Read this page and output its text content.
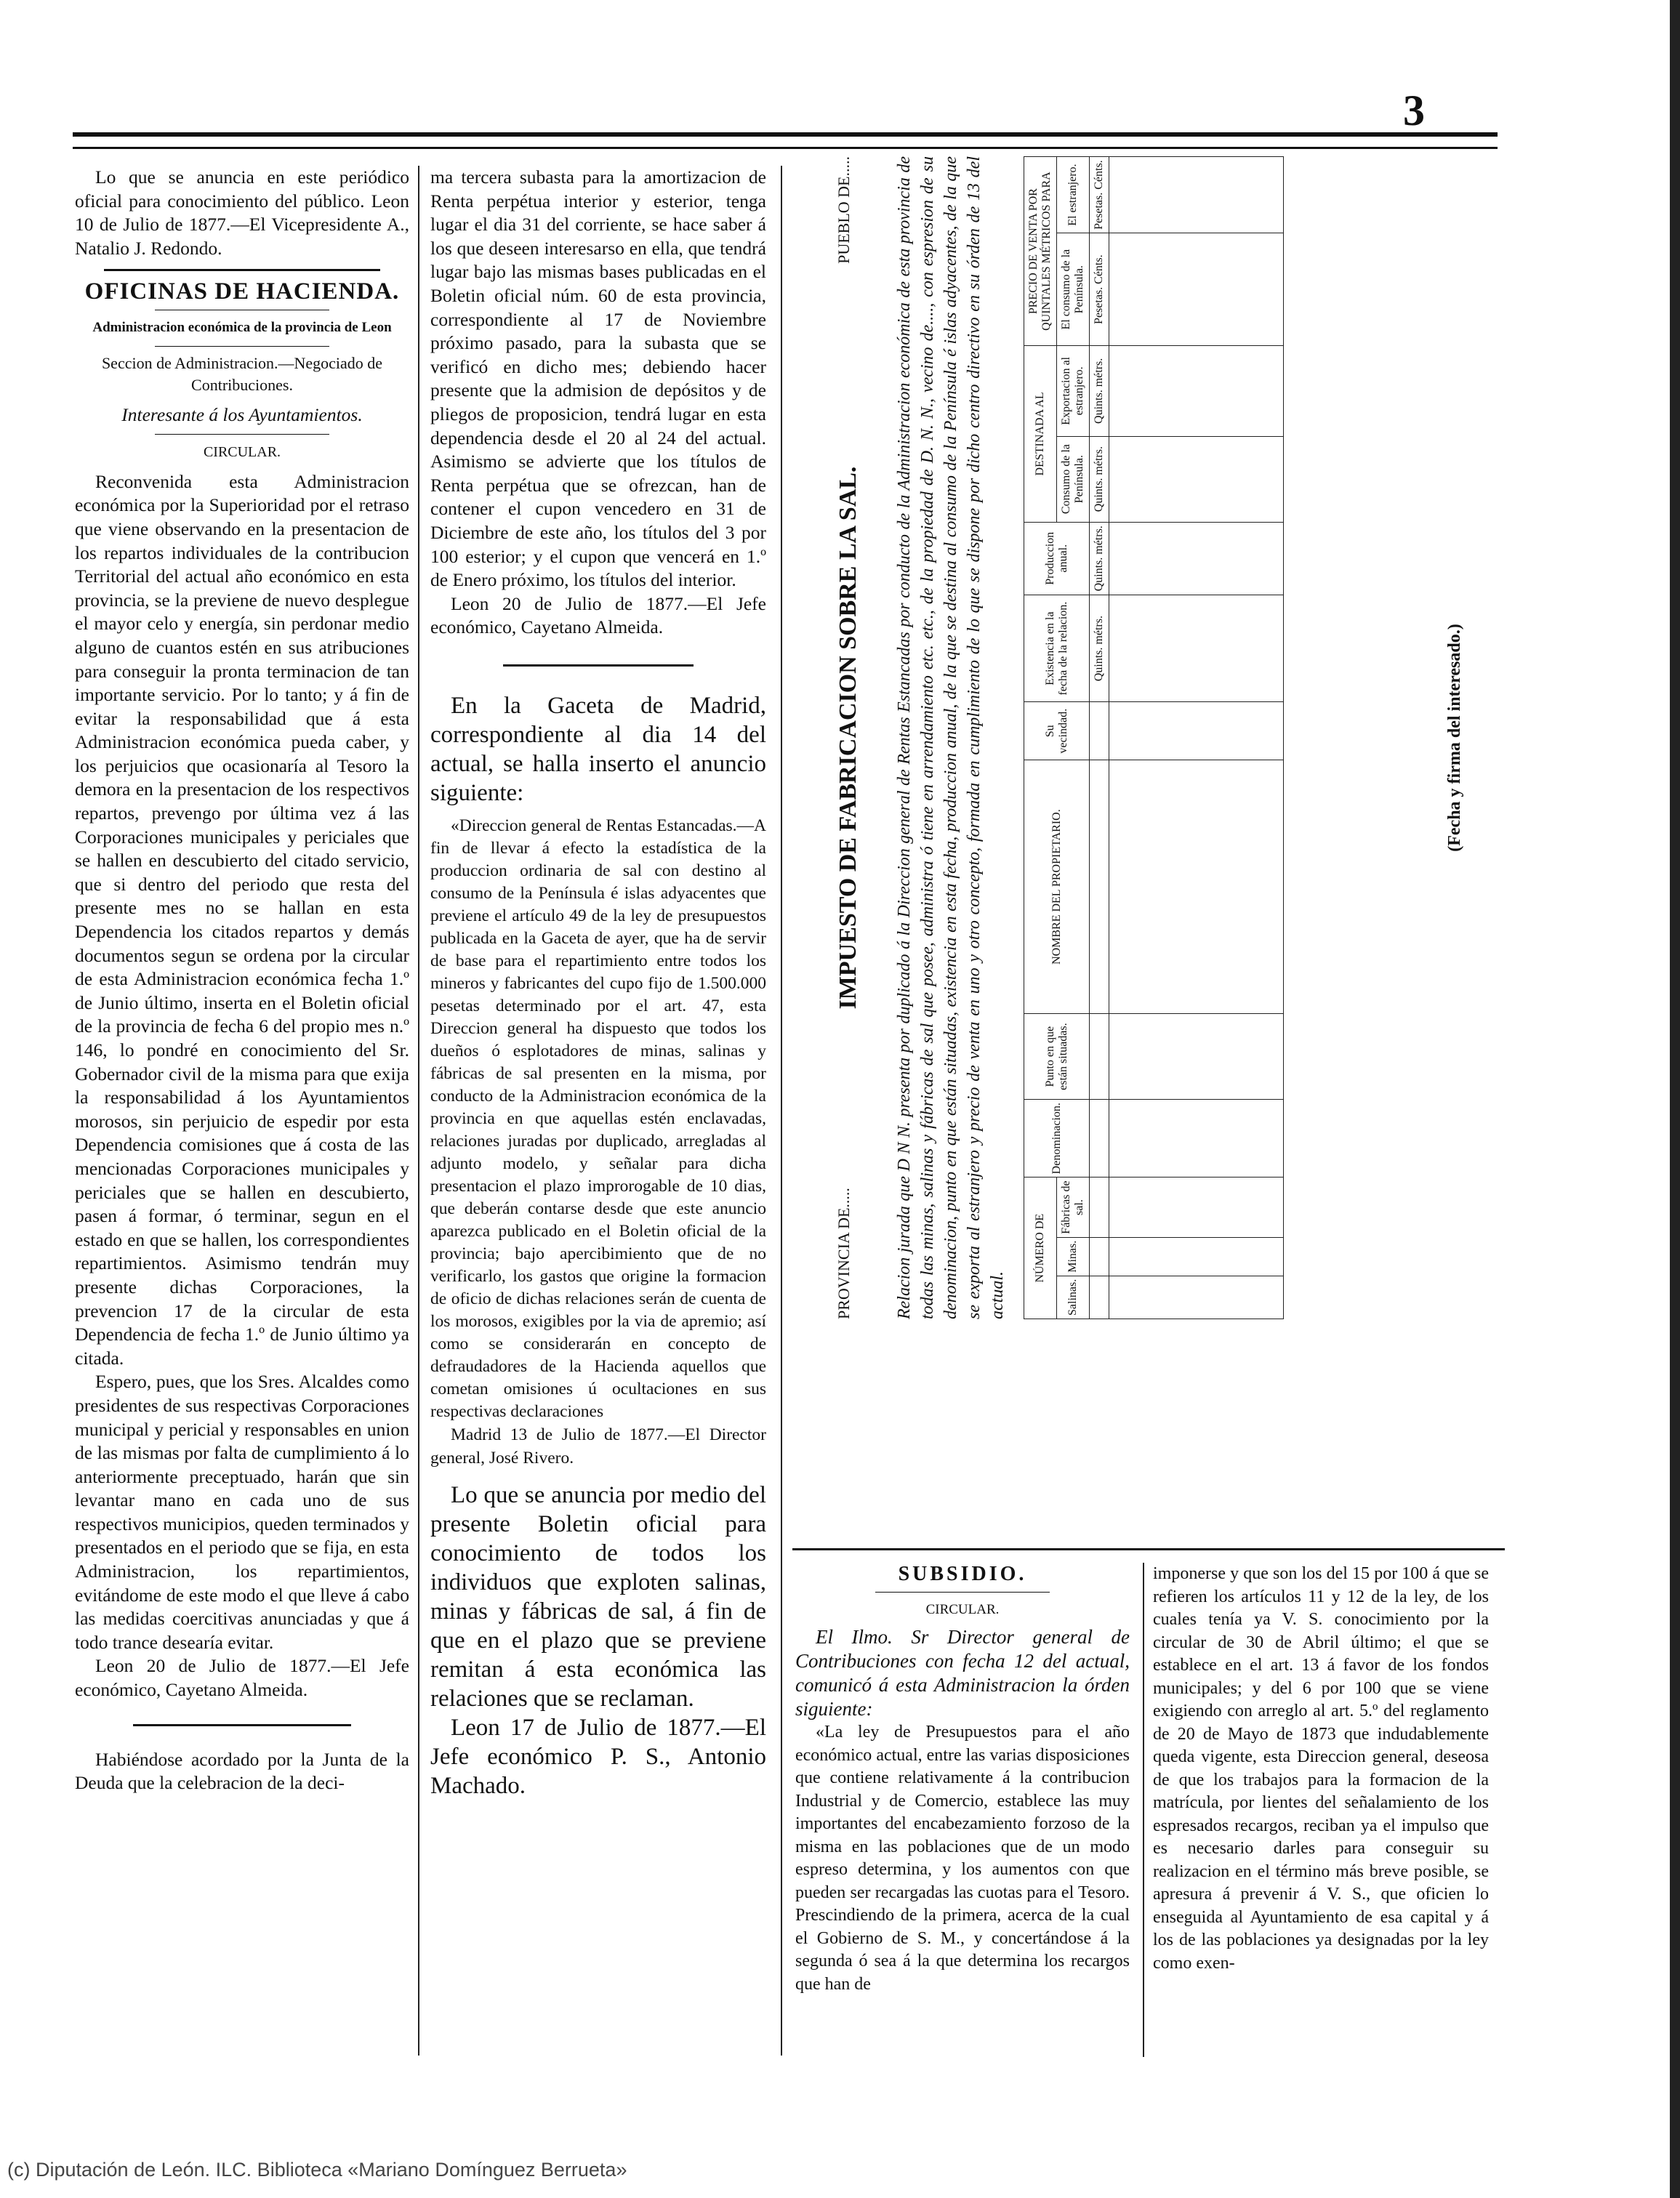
3

Lo que se anuncia en este periódico oficial para conocimiento del público. Leon 10 de Julio de 1877.—El Vicepresidente A., Natalio J. Redondo.

OFICINAS DE HACIENDA.
Administracion económica de la provincia de Leon
Seccion de Administracion.—Negociado de Contribuciones.
Interesante á los Ayuntamientos.
CIRCULAR.

Reconvenida esta Administracion económica por la Superioridad por el retraso que viene observando en la presentacion de los repartos individuales de la contribucion Territorial del actual año económico en esta provincia, se la previene de nuevo desplegue el mayor celo y energía, sin perdonar medio alguno de cuantos estén en sus atribuciones para conseguir la pronta terminacion de tan importante servicio. Por lo tanto; y á fin de evitar la responsabilidad que á esta Administracion económica pueda caber, y los perjuicios que ocasionaría al Tesoro la demora en la presentacion de los respectivos repartos, prevengo por última vez á las Corporaciones municipales y periciales que se hallen en descubierto del citado servicio, que si dentro del periodo que resta del presente mes no se hallan en esta Dependencia los citados repartos y demás documentos segun se ordena por la circular de esta Administracion económica fecha 1.º de Junio último, inserta en el Boletin oficial de la provincia de fecha 6 del propio mes n.º 146, lo pondré en conocimiento del Sr. Gobernador civil de la misma para que exija la responsabilidad á los Ayuntamientos morosos, sin perjuicio de espedir por esta Dependencia comisiones que á costa de las mencionadas Corporaciones municipales y periciales que se hallen en descubierto, pasen á formar, ó terminar, segun en el estado en que se hallen, los correspondientes repartimientos. Asimismo tendrán muy presente dichas Corporaciones, la prevencion 17 de la circular de esta Dependencia de fecha 1.º de Junio último ya citada.

Espero, pues, que los Sres. Alcaldes como presidentes de sus respectivas Corporaciones municipal y pericial y responsables en union de las mismas por falta de cumplimiento á lo anteriormente preceptuado, harán que sin levantar mano en cada uno de sus respectivos municipios, queden terminados y presentados en el periodo que se fija, en esta Administracion, los repartimientos, evitándome de este modo el que lleve á cabo las medidas coercitivas anunciadas y que á todo trance desearía evitar.

Leon 20 de Julio de 1877.—El Jefe económico, Cayetano Almeida.

Habiéndose acordado por la Junta de la Deuda que la celebracion de la deci-

ma tercera subasta para la amortizacion de Renta perpétua interior y esterior, tenga lugar el dia 31 del corriente, se hace saber á los que deseen interesarso en ella, que tendrá lugar bajo las mismas bases publicadas en el Boletin oficial núm. 60 de esta provincia, correspondiente al 17 de Noviembre próximo pasado, para la subasta que se verificó en dicho mes; debiendo hacer presente que la admision de depósitos y de pliegos de proposicion, tendrá lugar en esta dependencia desde el 20 al 24 del actual. Asimismo se advierte que los títulos de Renta perpétua que se ofrezcan, han de contener el cupon vencedero en 31 de Diciembre de este año, los títulos del 3 por 100 esterior; y el cupon que vencerá en 1.º de Enero próximo, los títulos del interior.

Leon 20 de Julio de 1877.—El Jefe económico, Cayetano Almeida.

En la Gaceta de Madrid, correspondiente al dia 14 del actual, se halla inserto el anuncio siguiente:

«Direccion general de Rentas Estancadas.—A fin de llevar á efecto la estadística de la produccion ordinaria de sal con destino al consumo de la Península é islas adyacentes que previene el artículo 49 de la ley de presupuestos publicada en la Gaceta de ayer, que ha de servir de base para el repartimiento entre todos los mineros y fabricantes del cupo fijo de 1.500.000 pesetas determinado por el art. 47, esta Direccion general ha dispuesto que todos los dueños ó esplotadores de minas, salinas y fábricas de sal presenten en la misma, por conducto de la Administracion económica de la provincia en que aquellas estén enclavadas, relaciones juradas por duplicado, arregladas al adjunto modelo, y señalar para dicha presentacion el plazo improrogable de 10 dias, que deberán contarse desde que este anuncio aparezca publicado en el Boletin oficial de la provincia; bajo apercibimiento que de no verificarlo, los gastos que origine la formacion de oficio de dichas relaciones serán de cuenta de los morosos, exigibles por la via de apremio; así como se considerarán en concepto de defraudadores de la Hacienda aquellos que cometan omisiones ú ocultaciones en sus respectivas declaraciones

Madrid 13 de Julio de 1877.—El Director general, José Rivero.

Lo que se anuncia por medio del presente Boletin oficial para conocimiento de todos los individuos que exploten salinas, minas y fábricas de sal, á fin de que en el plazo que se previene remitan á esta económica las relaciones que se reclaman.

Leon 17 de Julio de 1877.—El Jefe económico P. S., Antonio Machado.

PROVINCIA DE.....
IMPUESTO DE FABRICACION SOBRE LA SAL.
PUEBLO DE..... Relacion jurada que D N N. presenta por duplicado á la Direccion general de Rentas Estancadas por conducto de la Administracion económica de esta provincia de todas las minas, salinas y fábricas de sal que posee, administra ó tiene en arrendamiento etc. etc., de la propiedad de D. N. N., vecino de...., con espresion de su denominacion, punto en que están situadas, existencia en esta fecha, produccion anual, de la que se destina al consumo de la Península é islas adyacentes, de la que se exporta al estranjero y precio de venta en uno y otro concepto, formada en cumplimiento de lo que se dispone por dicho centro directivo en su órden de 13 del actual.
NÚMERO DE			Denominacion.	Punto en que están situadas.	NOMBRE DEL PROPIETARIO.	Su vecindad.	Existencia en la fecha de la relacion.	Produccion anual.	DESTINADA AL		PRECIO DE VENTA POR QUINTALES MÉTRICOS PARA	
Salinas.	Minas.	Fábricas de sal.							Consumo de la Península.	Exportacion al estranjero.	El consumo de la Península.	El estranjero.
							Quints. métrs.	Quints. métrs.	Quints. métrs.	Quints. métrs.	Pesetas. Cénts.	Pesetas. Cénts.

(Fecha y firma del interesado.)
SUBSIDIO.
CIRCULAR.

El Ilmo. Sr Director general de Contribuciones con fecha 12 del actual, comunicó á esta Administracion la órden siguiente:

«La ley de Presupuestos para el año económico actual, entre las varias disposiciones que contiene relativamente á la contribucion Industrial y de Comercio, establece las muy importantes del encabezamiento forzoso de la misma en las poblaciones que de un modo espreso determina, y los aumentos con que pueden ser recargadas las cuotas para el Tesoro. Prescindiendo de la primera, acerca de la cual el Gobierno de S. M., y concertándose á la segunda ó sea á la que determina los recargos que han de

imponerse y que son los del 15 por 100 á que se refieren los artículos 11 y 12 de la ley, de los cuales tenía ya V. S. conocimiento por la circular de 30 de Abril último; el que se establece en el art. 13 á favor de los fondos municipales; y del 6 por 100 que se viene exigiendo con arreglo al art. 5.º del reglamento de 20 de Mayo de 1873 que indudablemente queda vigente, esta Direccion general, deseosa de que los trabajos para la formacion de la matrícula, por lientes del señalamiento de los espresados recargos, reciban ya el impulso que es necesario darles para conseguir su realizacion en el término más breve posible, se apresura á prevenir á V. S., que oficien lo enseguida al Ayuntamiento de esa capital y á los de las poblaciones ya designadas por la ley como exen-

(c) Diputación de León. ILC. Biblioteca «Mariano Domínguez Berrueta»
